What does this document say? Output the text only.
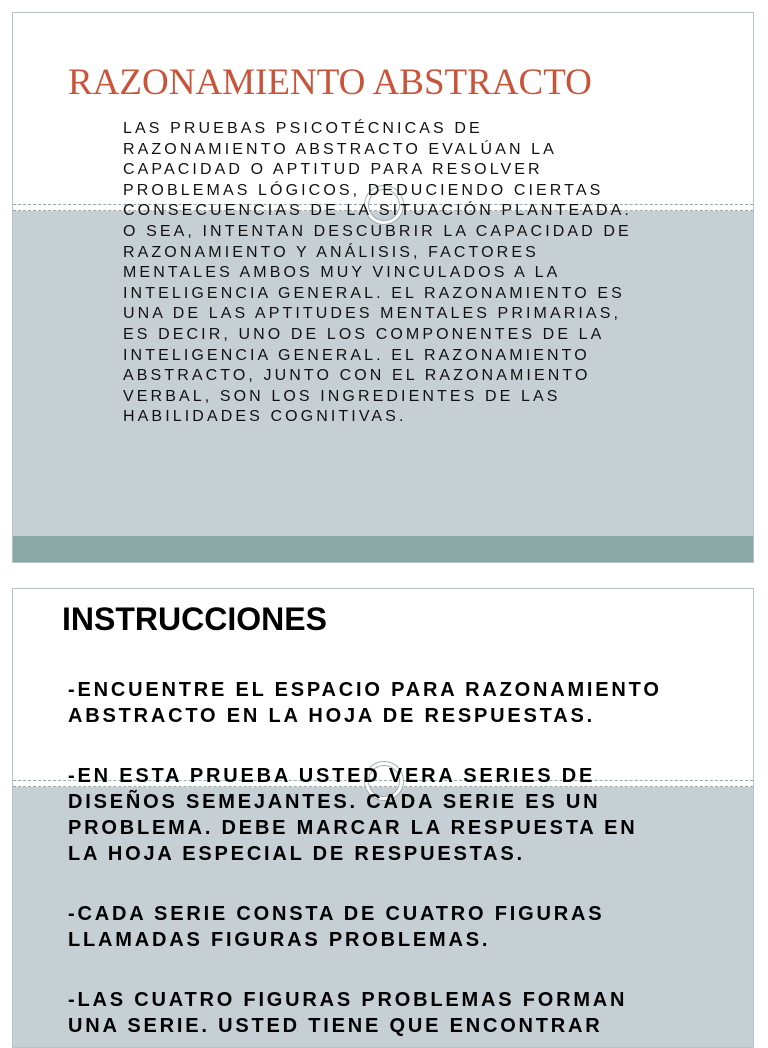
RAZONAMIENTO ABSTRACTO

LAS PRUEBAS PSICOTÉCNICAS DE
RAZONAMIENTO ABSTRACTO EVALÚAN LA
CAPACIDAD O APTITUD PARA RESOLVER
PROBLEMAS LÓGICOS, DEDUCIENDO CIERTAS
CONSECUENCIAS DE LA SITUACIÓN PLANTEADA.
O SEA, INTENTAN DESCUBRIR LA CAPACIDAD DE
RAZONAMIENTO Y ANÁLISIS, FACTORES
MENTALES AMBOS MUY VINCULADOS A LA
INTELIGENCIA GENERAL. EL RAZONAMIENTO ES
UNA DE LAS APTITUDES MENTALES PRIMARIAS,
ES DECIR, UNO DE LOS COMPONENTES DE LA
INTELIGENCIA GENERAL. EL RAZONAMIENTO
ABSTRACTO, JUNTO CON EL RAZONAMIENTO
VERBAL, SON LOS INGREDIENTES DE LAS
HABILIDADES COGNITIVAS.

INSTRUCCIONES

-ENCUENTRE EL ESPACIO PARA RAZONAMIENTO
ABSTRACTO EN LA HOJA DE RESPUESTAS.

-EN ESTA PRUEBA USTED VERA SERIES DE
DISEÑOS SEMEJANTES. CADA SERIE ES UN
PROBLEMA. DEBE MARCAR LA RESPUESTA EN
LA HOJA ESPECIAL DE RESPUESTAS.

-CADA SERIE CONSTA DE CUATRO FIGURAS
LLAMADAS FIGURAS PROBLEMAS.

-LAS CUATRO FIGURAS PROBLEMAS FORMAN
UNA SERIE. USTED TIENE QUE ENCONTRAR
